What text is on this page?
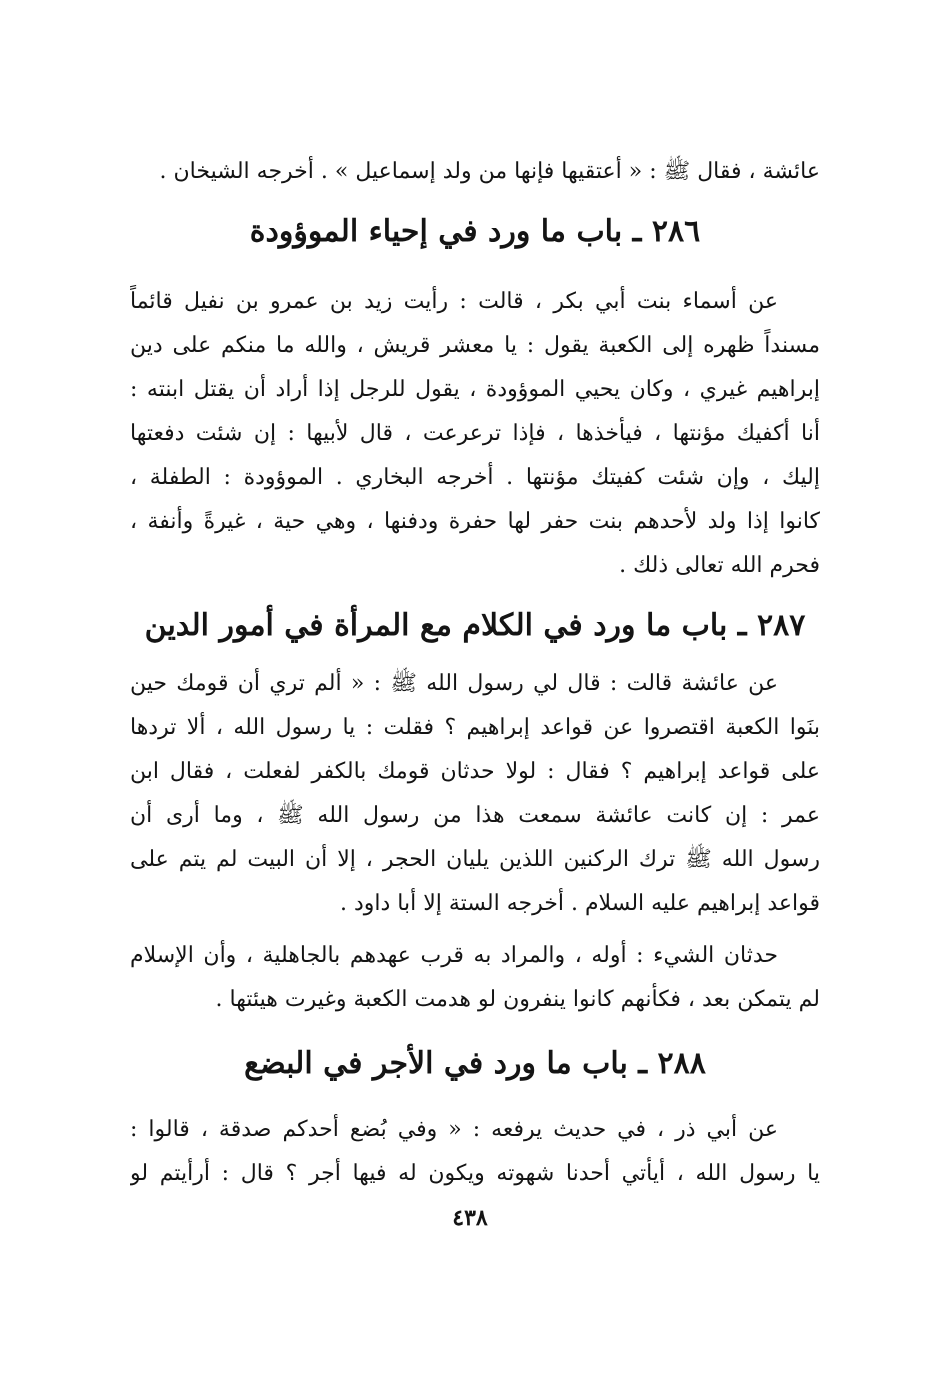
عائشة ، فقال ﷺ : « أعتقيها فإنها من ولد إسماعيل » . أخرجه الشيخان .
٢٨٦ ـ باب ما ورد في إحياء الموؤودة
عن أسماء بنت أبي بكر ، قالت : رأيت زيد بن عمرو بن نفيل قائماً
مسنداً ظهره إلى الكعبة يقول : يا معشر قريش ، والله ما منكم على دين
إبراهيم غيري ، وكان يحيي الموؤودة ، يقول للرجل إذا أراد أن يقتل ابنته :
أنا أكفيك مؤنتها ، فيأخذها ، فإذا ترعرعت ، قال لأبيها : إن شئت دفعتها
إليك ، وإن شئت كفيتك مؤنتها . أخرجه البخاري . الموؤودة : الطفلة ،
كانوا إذا ولد لأحدهم بنت حفر لها حفرة ودفنها ، وهي حية ، غيرةً وأنفة ،
فحرم الله تعالى ذلك .
٢٨٧ ـ باب ما ورد في الكلام مع المرأة في أمور الدين
عن عائشة قالت : قال لي رسول الله ﷺ : « ألم تري أن قومك حين
بنَوا الكعبة اقتصروا عن قواعد إبراهيم ؟ فقلت : يا رسول الله ، ألا تردها
على قواعد إبراهيم ؟ فقال : لولا حدثان قومك بالكفر لفعلت ، فقال ابن
عمر : إن كانت عائشة سمعت هذا من رسول الله ﷺ ، وما أرى أن
رسول الله ﷺ ترك الركنين اللذين يليان الحجر ، إلا أن البيت لم يتم على
قواعد إبراهيم عليه السلام . أخرجه الستة إلا أبا داود .
حدثان الشيء : أوله ، والمراد به قرب عهدهم بالجاهلية ، وأن الإسلام
لم يتمكن بعد ، فكأنهم كانوا ينفرون لو هدمت الكعبة وغيرت هيئتها .
٢٨٨ ـ باب ما ورد في الأجر في البضع
عن أبي ذر ، في حديث يرفعه : « وفي بُضع أحدكم صدقة ، قالوا :
يا رسول الله ، أيأتي أحدنا شهوته ويكون له فيها أجر ؟ قال : أرأيتم لو
٤٣٨
